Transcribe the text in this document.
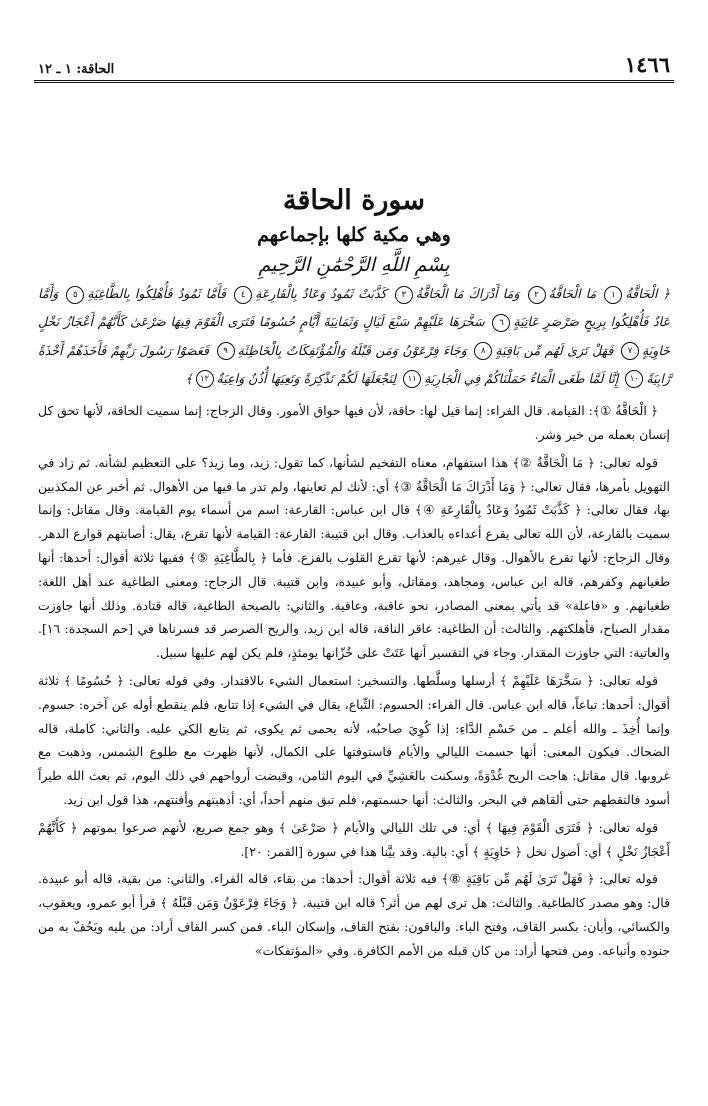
١٤٦٦
الحاقة: ١ ـ ١٢
سورة الحاقة
وهي مكية كلها بإجماعهم
بِسْمِ اللَّهِ الرَّحْمَٰنِ الرَّحِيمِ
﴿ الْحَاقَّةُ١ مَا الْحَاقَّةُ٢ وَمَا أَدْرَاكَ مَا الْحَاقَّةُ٣ كَذَّبَتْ ثَمُودُ وَعَادٌ بِالْقَارِعَةِ٤ فَأَمَّا ثَمُودُ فَأُهْلِكُوا بِالطَّاغِيَةِ٥ وَأَمَّا عَادٌ فَأُهْلِكُوا بِرِيحٍ صَرْصَرٍ عَاتِيَةٍ٦ سَخَّرَهَا عَلَيْهِمْ سَبْعَ لَيَالٍ وَثَمَانِيَةَ أَيَّامٍ حُسُومًا فَتَرَى الْقَوْمَ فِيهَا صَرْعَىٰ كَأَنَّهُمْ أَعْجَازُ نَخْلٍ خَاوِيَةٍ٧ فَهَلْ تَرَىٰ لَهُم مِّن بَاقِيَةٍ٨ وَجَاءَ فِرْعَوْنُ وَمَن قَبْلَهُ وَالْمُؤْتَفِكَاتُ بِالْخَاطِئَةِ٩ فَعَصَوْا رَسُولَ رَبِّهِمْ فَأَخَذَهُمْ أَخْذَةً رَّابِيَةً١٠ إِنَّا لَمَّا طَغَى الْمَاءُ حَمَلْنَاكُمْ فِي الْجَارِيَةِ١١ لِنَجْعَلَهَا لَكُمْ تَذْكِرَةً وَتَعِيَهَا أُذُنٌ وَاعِيَةٌ١٢﴾

﴿ الْحَاقَّةُ ①﴾: القيامة. قال الفراء: إنما قيل لها: حاقة، لأن فيها حواق الأمور. وقال الزجاج: إنما سميت الحاقة، لأنها تحق كل إنسان بعمله من خير وشر.

قوله تعالى: ﴿ مَا الْحَاقَّةُ ②﴾ هذا استفهام، معناه التفخيم لشأنها، كما تقول: زيد، وما زيد؟ على التعظيم لشأنه. ثم زاد في التهويل بأمرها، فقال تعالى: ﴿ وَمَا أَدْرَاكَ مَا الْحَاقَّةُ ③﴾ أي: لأنك لم تعاينها، ولم تدر ما فيها من الأهوال. ثم أخبر عن المكذبين بها، فقال تعالى: ﴿ كَذَّبَتْ ثَمُودُ وَعَادٌ بِالْقَارِعَةِ ④﴾ قال ابن عباس: القارعة: اسم من أسماء يوم القيامة. وقال مقاتل: وإنما سميت بالقارعة، لأن الله تعالى يقرع أعداءه بالعذاب. وقال ابن قتيبة: القارعة: القيامة لأنها تقرع، يقال: أصابتهم قوارع الدهر. وقال الزجاج: لأنها تقرع بالأهوال. وقال غيرهم: لأنها تقرع القلوب بالفزع. فأما ﴿ بِالطَّاغِيَةِ ⑤﴾ ففيها ثلاثة أقوال: أحدها: أنها طغيانهم وكفرهم، قاله ابن عباس، ومجاهد، ومقاتل، وأبو عبيدة، وابن قتيبة. قال الزجاج: ومعنى الطاغية عند أهل اللغة: طغيانهم. و «فاعلة» قد يأتي بمعنى المصادر، نحو عاقبة، وعافية. والثاني: بالصيحة الطاغية، قاله قتادة. وذلك أنها جاوزت مقدار الصياح، فأهلكتهم. والثالث: أن الطاغية: عاقر الناقة، قاله ابن زيد. والريح الصرصر قد فسرناها في [حم السجدة: ١٦]. والعاتية: التي جاوزت المقدار. وجاء في التفسير أنها عَتَتْ على خُزّانها يومئذٍ، فلم يكن لهم عليها سبيل.

قوله تعالى: ﴿ سَخَّرَهَا عَلَيْهِمْ ﴾ أرسلها وسلَّطها. والتسخير: استعمال الشيء بالاقتدار. وفي قوله تعالى: ﴿ حُسُومًا ﴾ ثلاثة أقوال: أحدها: تباعاً، قاله ابن عباس. قال الفراء: الحسوم: التِّباع، يقال في الشيء إذا تتابع، فلم ينقطع أوله عن آخره: حسوم. وإنما أُخِذَ ـ والله أعلم ـ من حَسْمِ الدَّاءِ: إذا كُوِيَ صاحبُه، لأنه يحمى ثم يكوى، ثم يتابع الكي عليه. والثاني: كاملة، قاله الضحاك. فيكون المعنى: أنها حسمت الليالي والأيام فاستوفتها على الكمال، لأنها ظهرت مع طلوع الشمس، وذهبت مع غروبها. قال مقاتل: هاجت الريح غُدْوَةً، وسكنت بالعَشِيِّ في اليوم الثامن، وقبضت أرواحهم في ذلك اليوم، ثم بعث الله طيراً أسود فالتقطهم حتى ألقاهم في البحر. والثالث: أنها حسمتهم، فلم تبق منهم أحداً، أي: أذهبتهم وأفنتهم، هذا قول ابن زيد.

قوله تعالى: ﴿ فَتَرَى الْقَوْمَ فِيهَا ﴾ أي: في تلك الليالي والأيام ﴿ صَرْعَىٰ ﴾ وهو جمع صريع، لأنهم صرعوا بموتهم ﴿ كَأَنَّهُمْ أَعْجَازُ نَخْلٍ ﴾ أي: أصول نخل ﴿ خَاوِيَةٍ ﴾ أي: بالية. وقد بيَّنا هذا في سورة [القمر: ٢٠].

قوله تعالى: ﴿ فَهَلْ تَرَىٰ لَهُم مِّن بَاقِيَةٍ ⑧﴾ فيه ثلاثة أقوال: أحدها: من بقاء، قاله الفراء. والثاني: من بقية، قاله أبو عبيدة. قال: وهو مصدر كالطاغية. والثالث: هل ترى لهم من أثر؟ قاله ابن قتيبة. ﴿ وَجَاءَ فِرْعَوْنُ وَمَن قَبْلَهُ ﴾ قرأ أبو عمرو، ويعقوب، والكسائي، وأبان: بكسر القاف، وفتح الباء. والباقون: بفتح القاف، وإسكان الباء. فمن كسر القاف أراد: من يليه ويَحُفّ به من جنوده وأتباعه. ومن فتحها أراد: من كان قبله من الأمم الكافرة. وفي «المؤتفكات»
